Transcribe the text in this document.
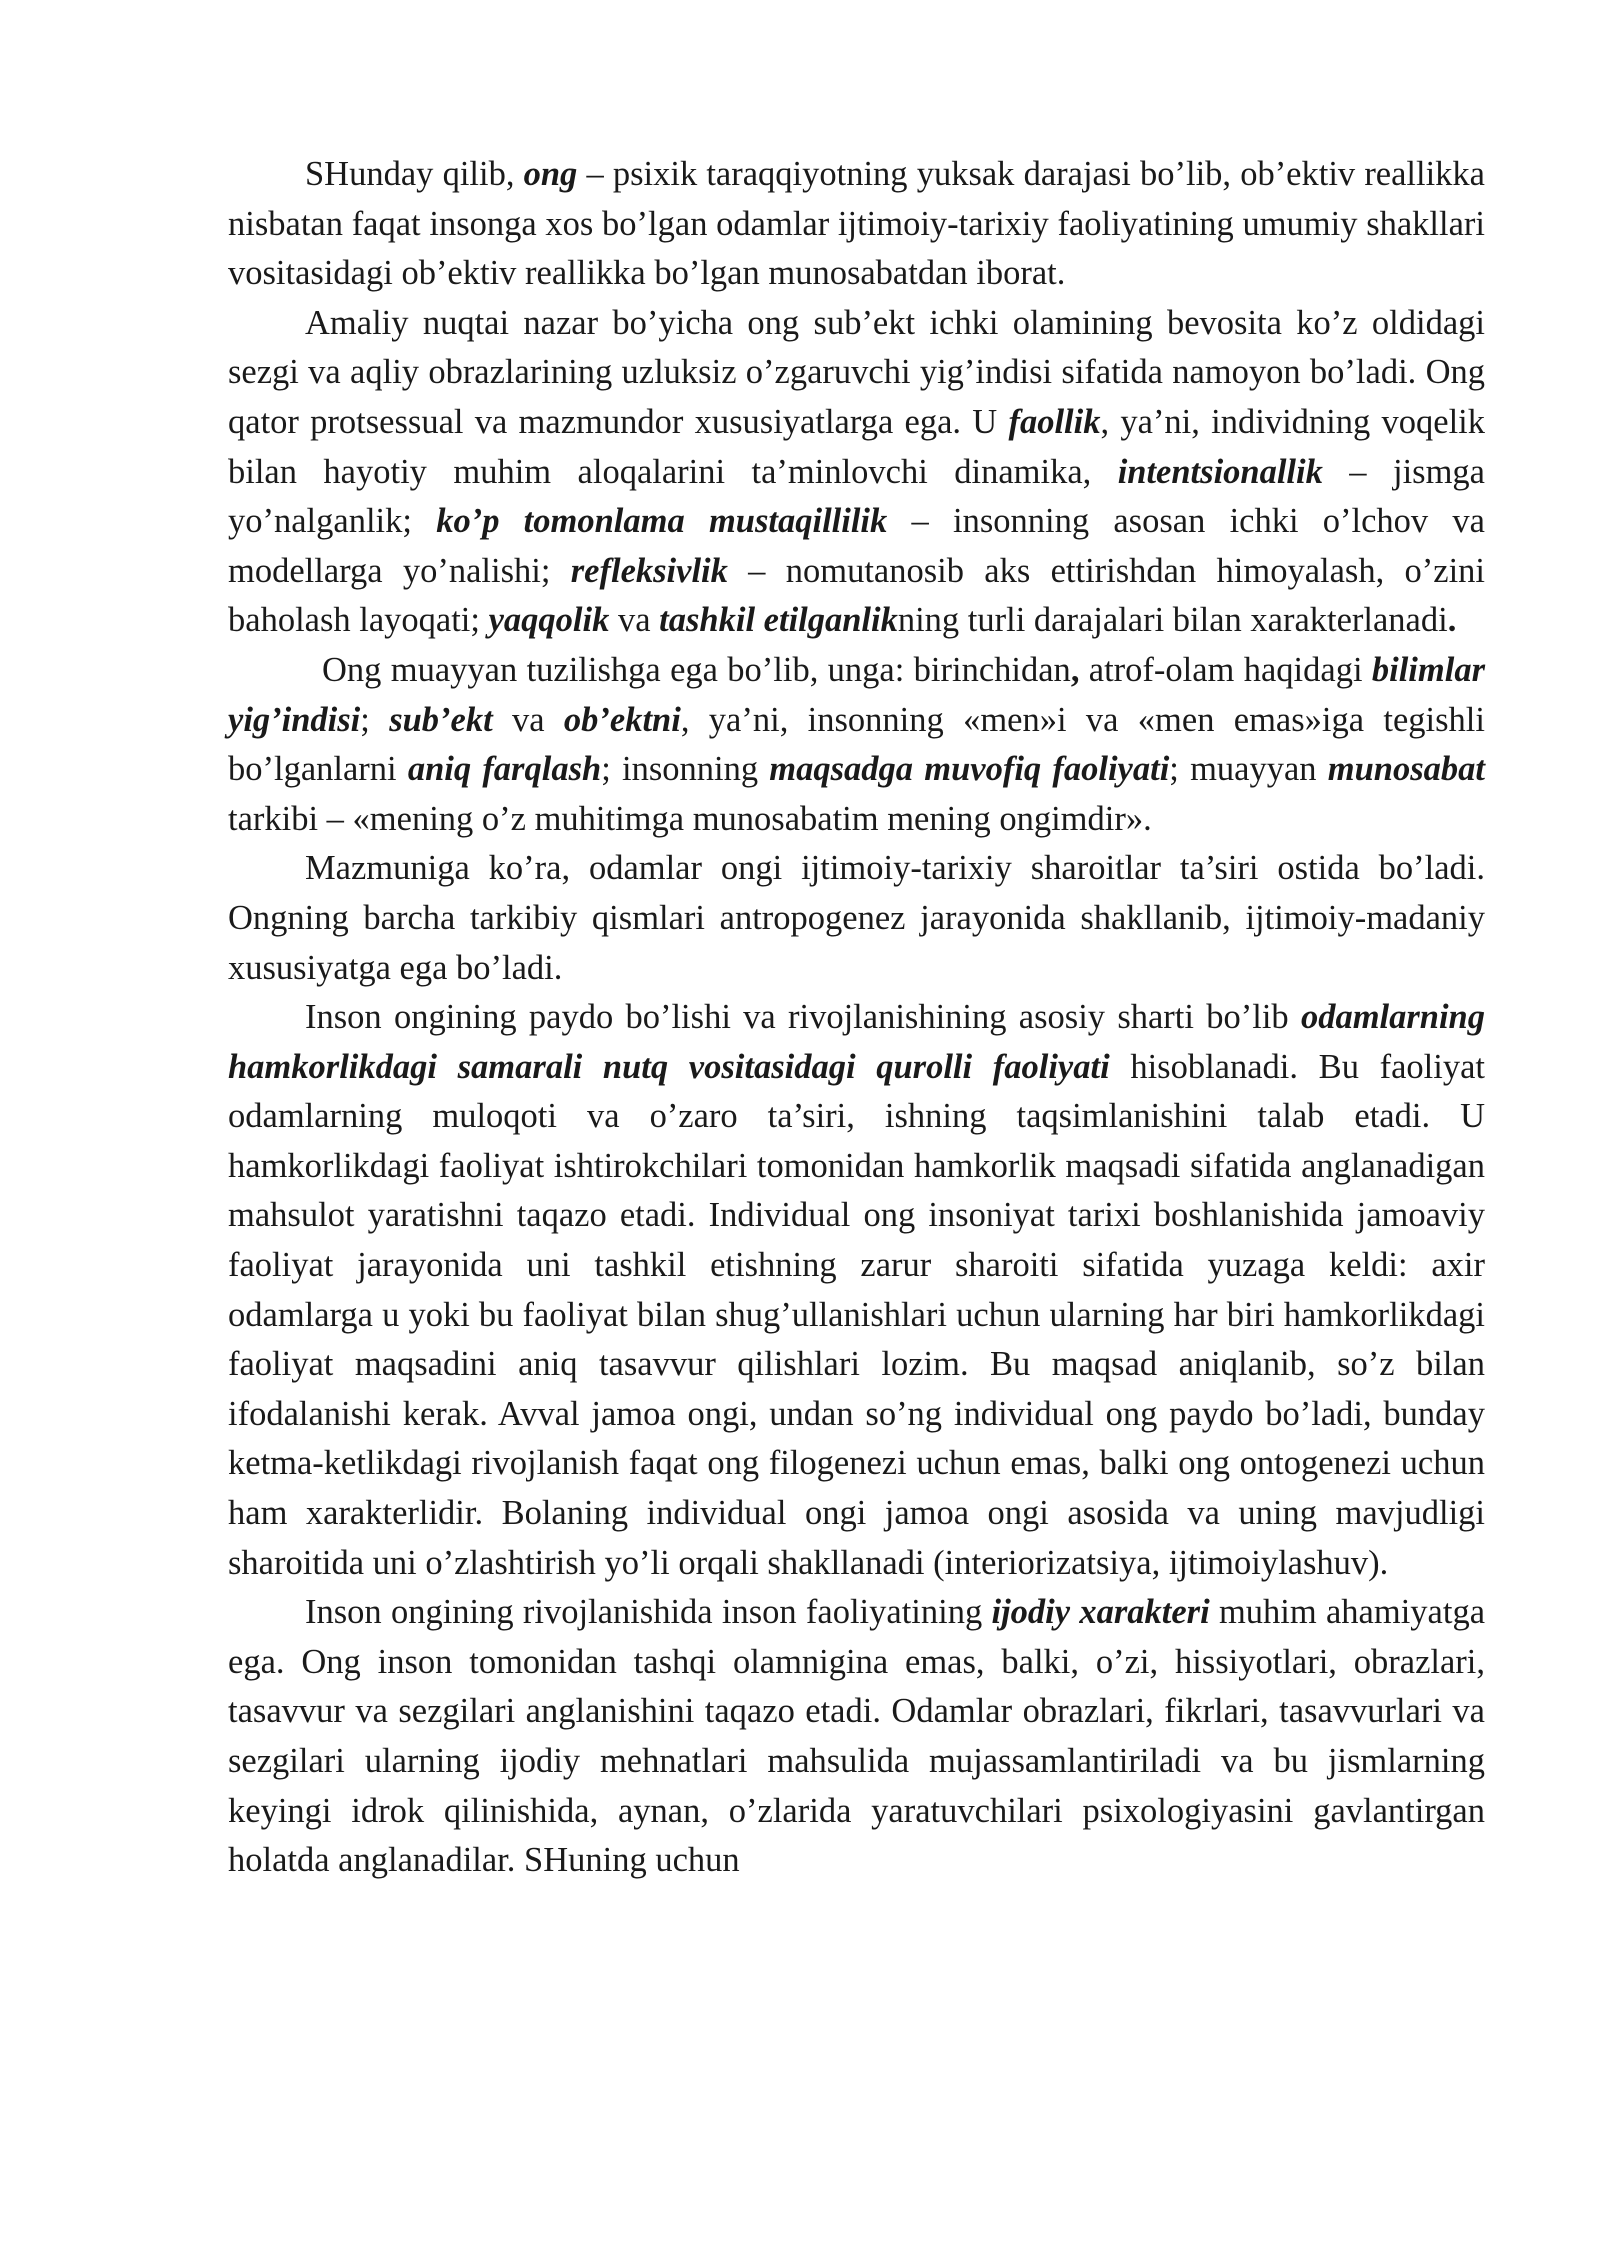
SHunday qilib, ong – psixik taraqqiyotning yuksak darajasi bo’lib, ob’ektiv reallikka nisbatan faqat insonga xos bo’lgan odamlar ijtimoiy-tarixiy faoliyatining umumiy shakllari vositasidagi ob’ektiv reallikka bo’lgan munosabatdan iborat.

Amaliy nuqtai nazar bo’yicha ong sub’ekt ichki olamining bevosita ko’z oldidagi sezgi va aqliy obrazlarining uzluksiz o’zgaruvchi yig’indisi sifatida namoyon bo’ladi. Ong qator protsessual va mazmundor xususiyatlarga ega. U faollik, ya’ni, individning voqelik bilan hayotiy muhim aloqalarini ta’minlovchi dinamika, intentsionallik – jismga yo’nalganlik; ko’p tomonlama mustaqillilik – insonning asosan ichki o’lchov va modellarga yo’nalishi; refleksivlik – nomutanosib aks ettirishdan himoyalash, o’zini baholash layoqati; yaqqolik va tashkil etilganlikning turli darajalari bilan xarakterlanadi.

Ong muayyan tuzilishga ega bo’lib, unga: birinchidan, atrof-olam haqidagi bilimlar yig’indisi; sub’ekt va ob’ektni, ya’ni, insonning «men»i va «men emas»iga tegishli bo’lganlarni aniq farqlash; insonning maqsadga muvofiq faoliyati; muayyan munosabat tarkibi – «mening o’z muhitimga munosabatim mening ongimdir».

Mazmuniga ko’ra, odamlar ongi ijtimoiy-tarixiy sharoitlar ta’siri ostida bo’ladi. Ongning barcha tarkibiy qismlari antropogenez jarayonida shakllanib, ijtimoiy-madaniy xususiyatga ega bo’ladi.

Inson ongining paydo bo’lishi va rivojlanishining asosiy sharti bo’lib odamlarning hamkorlikdagi samarali nutq vositasidagi qurolli faoliyati hisoblanadi. Bu faoliyat odamlarning muloqoti va o’zaro ta’siri, ishning taqsimlanishini talab etadi. U hamkorlikdagi faoliyat ishtirokchilari tomonidan hamkorlik maqsadi sifatida anglanadigan mahsulot yaratishni taqazo etadi. Individual ong insoniyat tarixi boshlanishida jamoaviy faoliyat jarayonida uni tashkil etishning zarur sharoiti sifatida yuzaga keldi: axir odamlarga u yoki bu faoliyat bilan shug’ullanishlari uchun ularning har biri hamkorlikdagi faoliyat maqsadini aniq tasavvur qilishlari lozim. Bu maqsad aniqlanib, so’z bilan ifodalanishi kerak. Avval jamoa ongi, undan so’ng individual ong paydo bo’ladi, bunday ketma-ketlikdagi rivojlanish faqat ong filogenezi uchun emas, balki ong ontogenezi uchun ham xarakterlidir. Bolaning individual ongi jamoa ongi asosida va uning mavjudligi sharoitida uni o’zlashtirish yo’li orqali shakllanadi (interiorizatsiya, ijtimoiylashuv).

Inson ongining rivojlanishida inson faoliyatining ijodiy xarakteri muhim ahamiyatga ega. Ong inson tomonidan tashqi olamnigina emas, balki, o’zi, hissiyotlari, obrazlari, tasavvur va sezgilari anglanishini taqazo etadi. Odamlar obrazlari, fikrlari, tasavvurlari va sezgilari ularning ijodiy mehnatlari mahsulida mujassamlantiriladi va bu jismlarning keyingi idrok qilinishida, aynan, o’zlarida yaratuvchilari psixologiyasini gavlantirgan holatda anglanadilar. SHuning uchun
